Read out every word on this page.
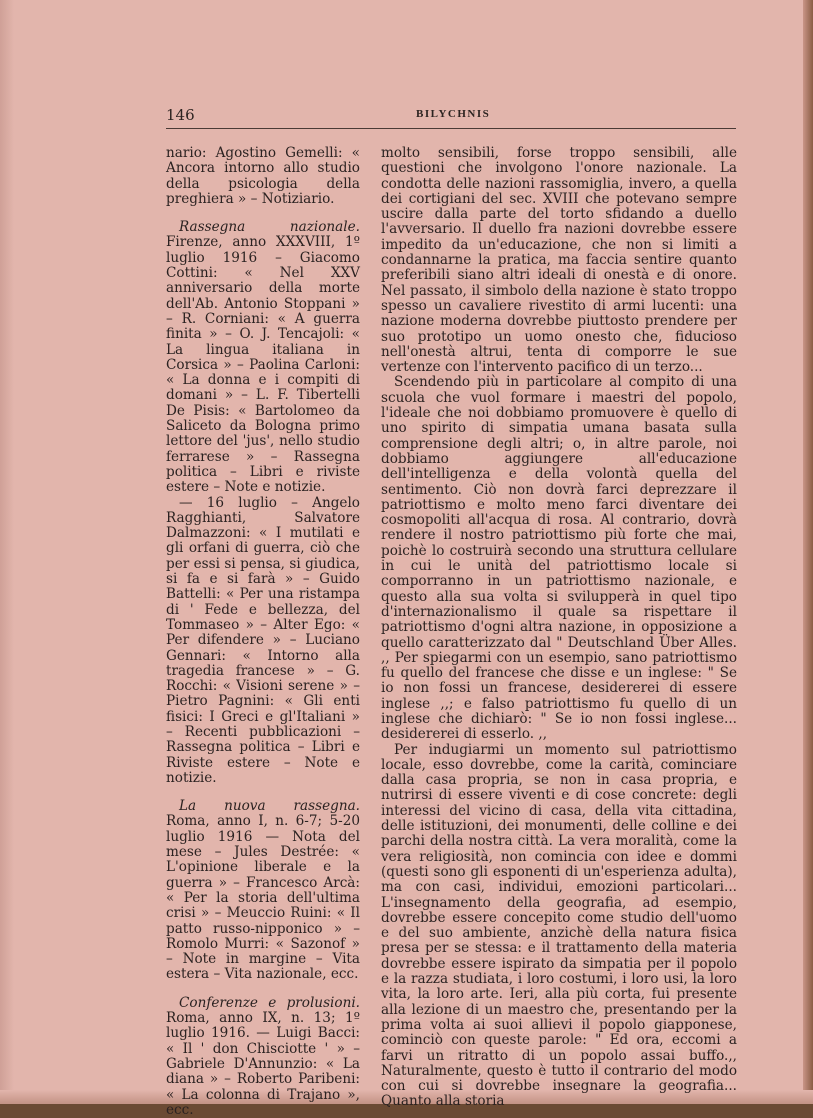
146	BILYCHNIS

nario: Agostino Gemelli: « Ancora intorno allo studio della psicologia della preghiera » – Notiziario.

Rassegna nazionale. Firenze, anno XXXVIII, 1º luglio 1916 – Giacomo Cottini: « Nel XXV anniversario della morte dell'Ab. Antonio Stoppani » – R. Corniani: « A guerra finita » – O. J. Tencajoli: « La lingua italiana in Corsica » – Paolina Carloni: « La donna e i compiti di domani » – L. F. Tibertelli De Pisis: « Bartolomeo da Saliceto da Bologna primo lettore del 'jus', nello studio ferrarese » – Rassegna politica – Libri e riviste estere – Note e notizie.

— 16 luglio – Angelo Ragghianti, Salvatore Dalmazzoni: « I mutilati e gli orfani di guerra, ciò che per essi si pensa, si giudica, si fa e si farà » – Guido Battelli: « Per una ristampa di ' Fede e bellezza, del Tommaseo » – Alter Ego: « Per difendere » – Luciano Gennari: « Intorno alla tragedia francese » – G. Rocchi: « Visioni serene » – Pietro Pagnini: « Gli enti fisici: I Greci e gl'Italiani » – Recenti pubblicazioni – Rassegna politica – Libri e Riviste estere – Note e notizie.

La nuova rassegna. Roma, anno I, n. 6-7; 5-20 luglio 1916 — Nota del mese – Jules Destrée: « L'opinione liberale e la guerra » – Francesco Arcà: « Per la storia dell'ultima crisi » – Meuccio Ruini: « Il patto russo-nipponico » – Romolo Murri: « Sazonof » – Note in margine – Vita estera – Vita nazionale, ecc.

Conferenze e prolusioni. Roma, anno IX, n. 13; 1º luglio 1916. — Luigi Bacci: « Il ' don Chisciotte ' » – Gabriele D'Annunzio: « La diana » – Roberto Paribeni: « La colonna di Trajano », ecc.

molto sensibili, forse troppo sensibili, alle questioni che involgono l'onore nazionale. La condotta delle nazioni rassomiglia, invero, a quella dei cortigiani del sec. XVIII che potevano sempre uscire dalla parte del torto sfidando a duello l'avversario. Il duello fra nazioni dovrebbe essere impedito da un'educazione, che non si limiti a condannarne la pratica, ma faccia sentire quanto preferibili siano altri ideali di onestà e di onore. Nel passato, il simbolo della nazione è stato troppo spesso un cavaliere rivestito di armi lucenti: una nazione moderna dovrebbe piuttosto prendere per suo prototipo un uomo onesto che, fiducioso nell'onestà altrui, tenta di comporre le sue vertenze con l'intervento pacifico di un terzo...

Scendendo più in particolare al compito di una scuola che vuol formare i maestri del popolo, l'ideale che noi dobbiamo promuovere è quello di uno spirito di simpatia umana basata sulla comprensione degli altri; o, in altre parole, noi dobbiamo aggiungere all'educazione dell'intelligenza e della volontà quella del sentimento. Ciò non dovrà farci deprezzare il patriottismo e molto meno farci diventare dei cosmopoliti all'acqua di rosa. Al contrario, dovrà rendere il nostro patriottismo più forte che mai, poichè lo costruirà secondo una struttura cellulare in cui le unità del patriottismo locale si comporranno in un patriottismo nazionale, e questo alla sua volta si svilupperà in quel tipo d'internazionalismo il quale sa rispettare il patriottismo d'ogni altra nazione, in opposizione a quello caratterizzato dal " Deutschland Über Alles. ,, Per spiegarmi con un esempio, sano patriottismo fu quello del francese che disse e un inglese: " Se io non fossi un francese, desidererei di essere inglese ,,; e falso patriottismo fu quello di un inglese che dichiarò: " Se io non fossi inglese... desidererei di esserlo. ,,

Per indugiarmi un momento sul patriottismo locale, esso dovrebbe, come la carità, cominciare dalla casa propria, se non in casa propria, e nutrirsi di essere viventi e di cose concrete: degli interessi del vicino di casa, della vita cittadina, delle istituzioni, dei monumenti, delle colline e dei parchi della nostra città. La vera moralità, come la vera religiosità, non comincia con idee e dommi (questi sono gli esponenti di un'esperienza adulta), ma con casi, individui, emozioni particolari... L'insegnamento della geografia, ad esempio, dovrebbe essere concepito come studio dell'uomo e del suo ambiente, anzichè della natura fisica presa per se stessa: e il trattamento della materia dovrebbe essere ispirato da simpatia per il popolo e la razza studiata, i loro costumi, i loro usi, la loro vita, la loro arte. Ieri, alla più corta, fui presente alla lezione di un maestro che, presentando per la prima volta ai suoi allievi il popolo giapponese, cominciò con queste parole: " Ed ora, eccomi a farvi un ritratto di un popolo assai buffo.,, Naturalmente, questo è tutto il contrario del modo con cui si dovrebbe insegnare la geografia... Quanto alla storia
